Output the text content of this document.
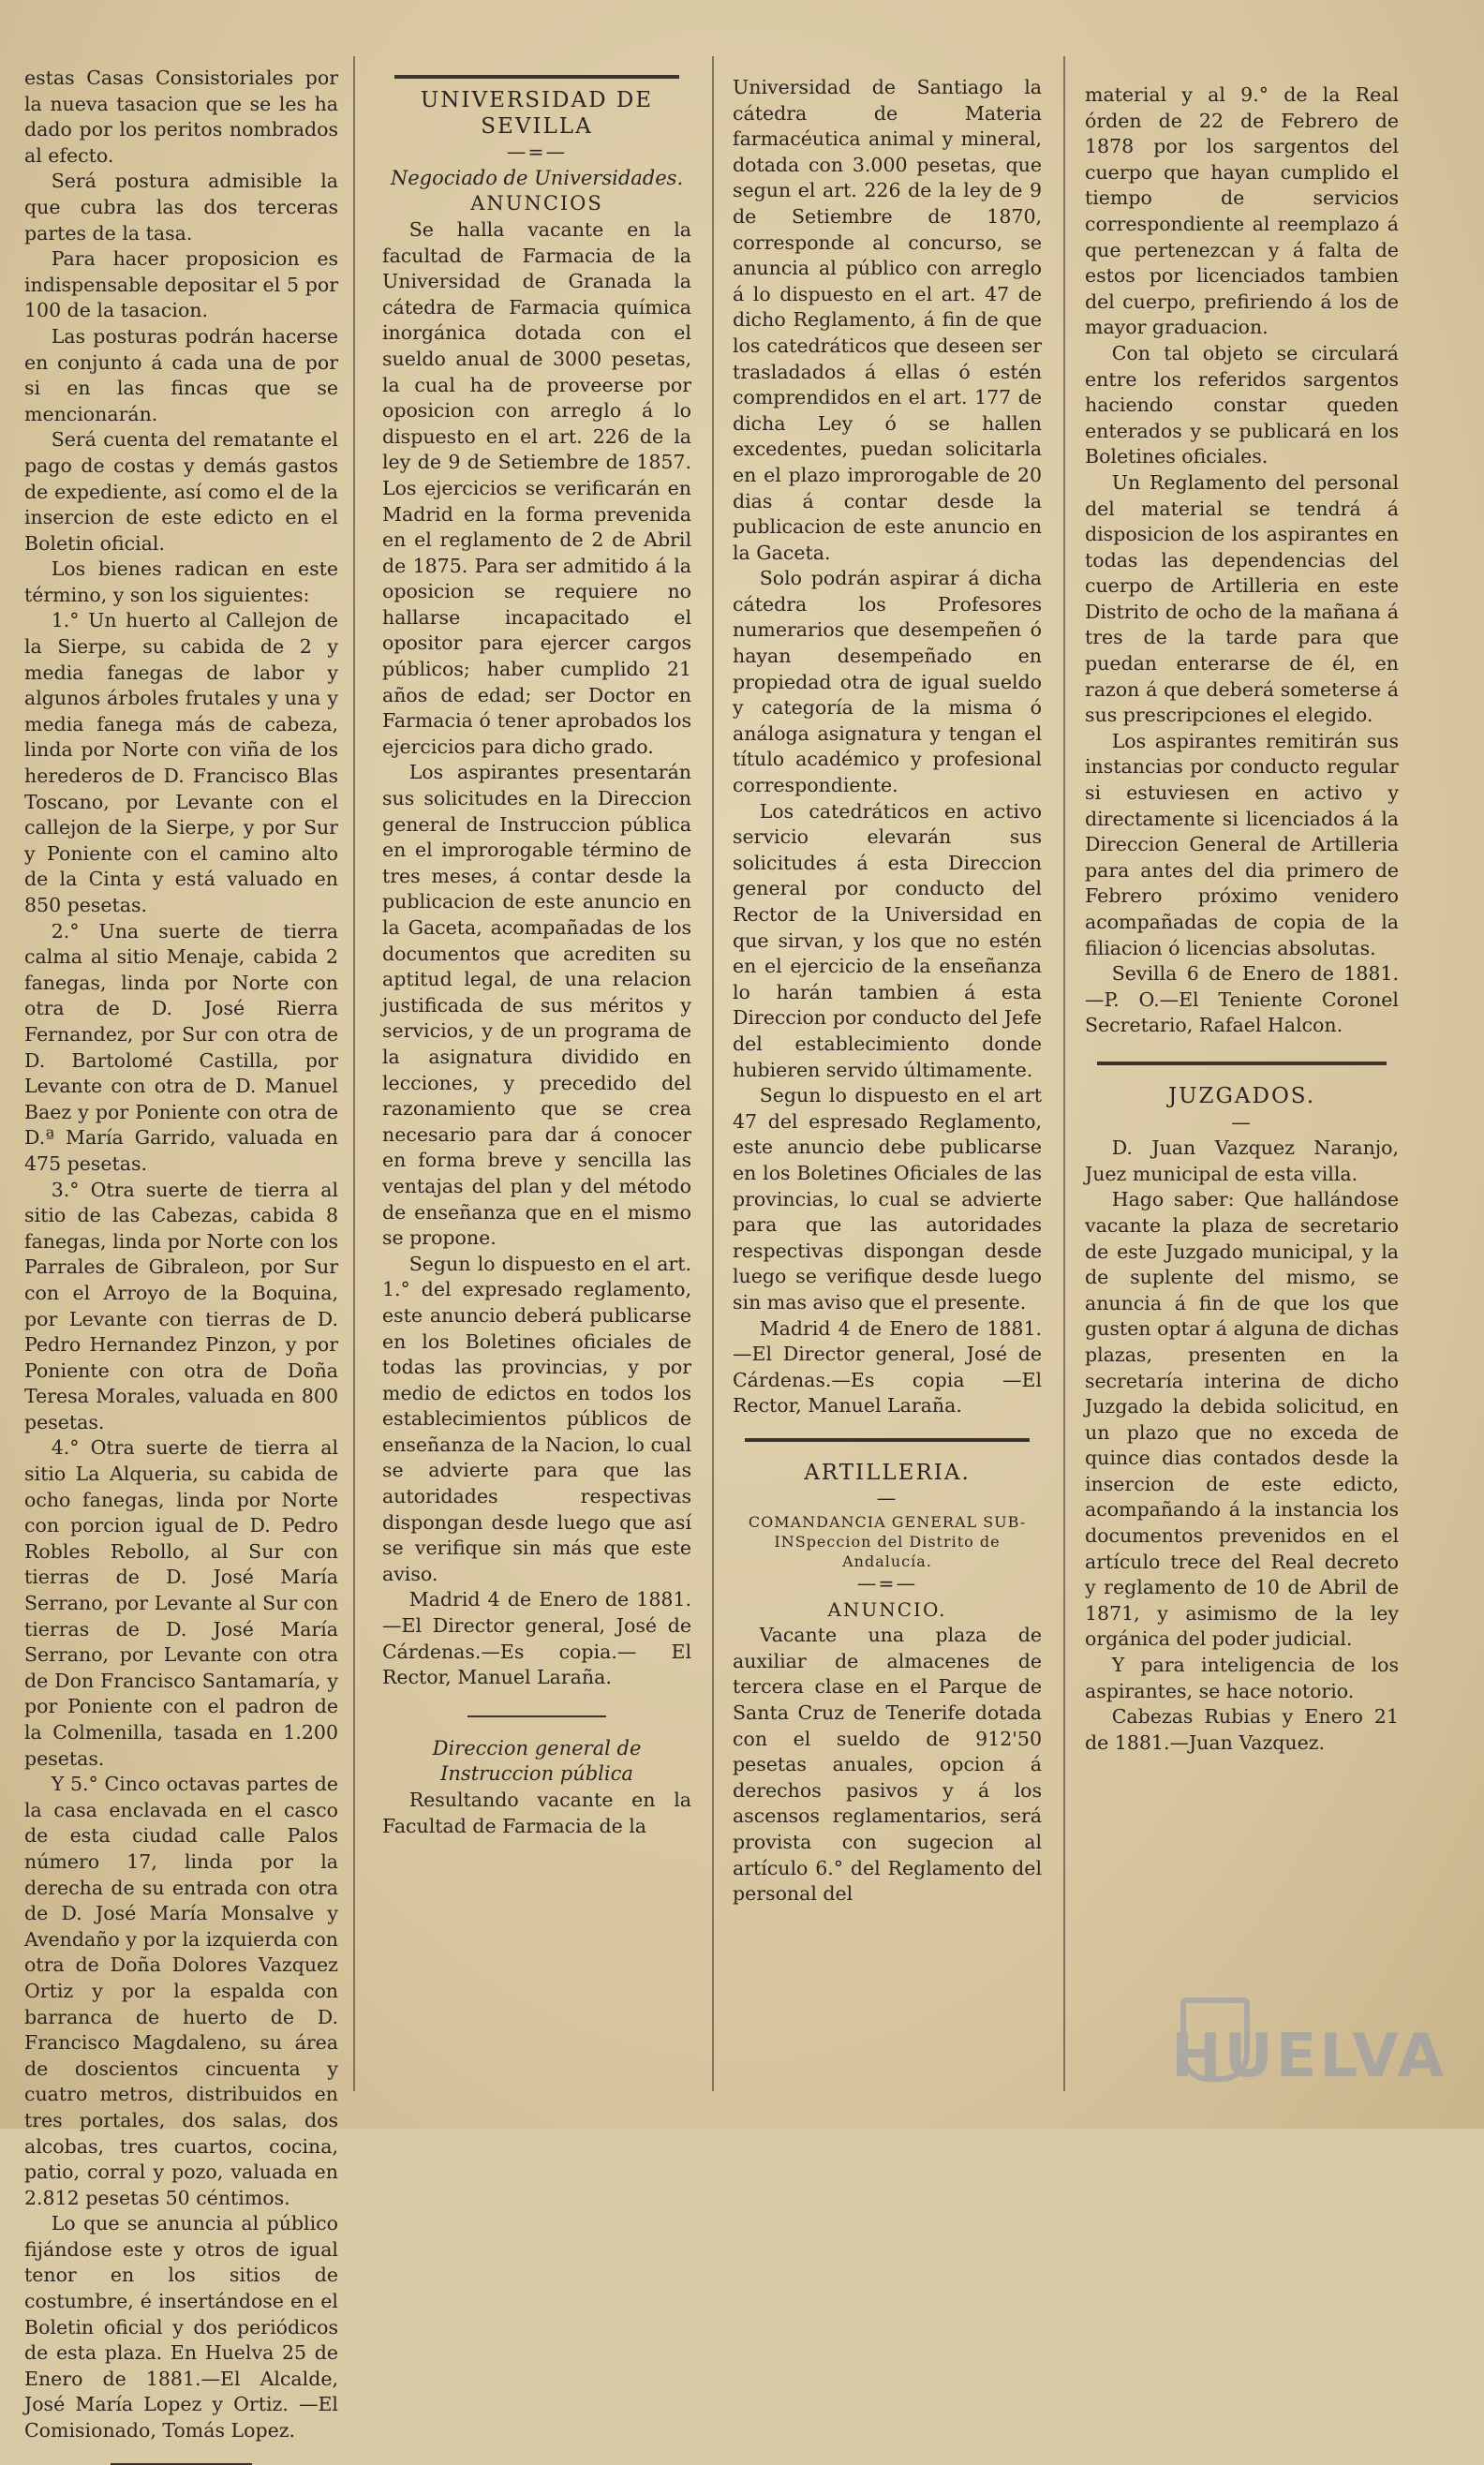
estas Casas Consistoriales por la nueva tasacion que se les ha dado por los peritos nombrados al efecto.

Será postura admisible la que cubra las dos terceras partes de la tasa.

Para hacer proposicion es indispensable depositar el 5 por 100 de la tasacion.

Las posturas podrán hacerse en conjunto á cada una de por si en las fincas que se mencionarán.

Será cuenta del rematante el pago de costas y demás gastos de expediente, así como el de la insercion de este edicto en el Boletin oficial.

Los bienes radican en este término, y son los siguientes:

1.° Un huerto al Callejon de la Sierpe, su cabida de 2 y media fanegas de labor y algunos árboles frutales y una y media fanega más de cabeza, linda por Norte con viña de los herederos de D. Francisco Blas Toscano, por Levante con el callejon de la Sierpe, y por Sur y Poniente con el camino alto de la Cinta y está valuado en 850 pesetas.

2.° Una suerte de tierra calma al sitio Menaje, cabida 2 fanegas, linda por Norte con otra de D. José Rierra Fernandez, por Sur con otra de D. Bartolomé Castilla, por Levante con otra de D. Manuel Baez y por Poniente con otra de D.ª María Garrido, valuada en 475 pesetas.

3.° Otra suerte de tierra al sitio de las Cabezas, cabida 8 fanegas, linda por Norte con los Parrales de Gibraleon, por Sur con el Arroyo de la Boquina, por Levante con tierras de D. Pedro Hernandez Pinzon, y por Poniente con otra de Doña Teresa Morales, valuada en 800 pesetas.

4.° Otra suerte de tierra al sitio La Alqueria, su cabida de ocho fanegas, linda por Norte con porcion igual de D. Pedro Robles Rebollo, al Sur con tierras de D. José María Serrano, por Levante al Sur con tierras de D. José María Serrano, por Levante con otra de Don Francisco Santamaría, y por Poniente con el padron de la Colmenilla, tasada en 1.200 pesetas.

Y 5.° Cinco octavas partes de la casa enclavada en el casco de esta ciudad calle Palos número 17, linda por la derecha de su entrada con otra de D. José María Monsalve y Avendaño y por la izquierda con otra de Doña Dolores Vazquez Ortiz y por la espalda con barranca de huerto de D. Francisco Magdaleno, su área de doscientos cincuenta y cuatro metros, distribuidos en tres portales, dos salas, dos alcobas, tres cuartos, cocina, patio, corral y pozo, valuada en 2.812 pesetas 50 céntimos.

Lo que se anuncia al público fijándose este y otros de igual tenor en los sitios de costumbre, é insertándose en el Boletin oficial y dos periódicos de esta plaza. En Huelva 25 de Enero de 1881.—El Alcalde, José María Lopez y Ortiz. —El Comisionado, Tomás Lopez.

UNIVERSIDAD DE SEVILLA

—=—

Negociado de Universidades.

ANUNCIOS

Se halla vacante en la facultad de Farmacia de la Universidad de Granada la cátedra de Farmacia química inorgánica dotada con el sueldo anual de 3000 pesetas, la cual ha de proveerse por oposicion con arreglo á lo dispuesto en el art. 226 de la ley de 9 de Setiembre de 1857. Los ejercicios se verificarán en Madrid en la forma prevenida en el reglamento de 2 de Abril de 1875. Para ser admitido á la oposicion se requiere no hallarse incapacitado el opositor para ejercer cargos públicos; haber cumplido 21 años de edad; ser Doctor en Farmacia ó tener aprobados los ejercicios para dicho grado.

Los aspirantes presentarán sus solicitudes en la Direccion general de Instruccion pública en el improrogable término de tres meses, á contar desde la publicacion de este anuncio en la Gaceta, acompañadas de los documentos que acrediten su aptitud legal, de una relacion justificada de sus méritos y servicios, y de un programa de la asignatura dividido en lecciones, y precedido del razonamiento que se crea necesario para dar á conocer en forma breve y sencilla las ventajas del plan y del método de enseñanza que en el mismo se propone.

Segun lo dispuesto en el art. 1.° del expresado reglamento, este anuncio deberá publicarse en los Boletines oficiales de todas las provincias, y por medio de edictos en todos los establecimientos públicos de enseñanza de la Nacion, lo cual se advierte para que las autoridades respectivas dispongan desde luego que así se verifique sin más que este aviso.

Madrid 4 de Enero de 1881. —El Director general, José de Cárdenas.—Es copia.— El Rector, Manuel Laraña.

Direccion general de Instruccion pública

Resultando vacante en la Facultad de Farmacia de la

Universidad de Santiago la cátedra de Materia farmacéutica animal y mineral, dotada con 3.000 pesetas, que segun el art. 226 de la ley de 9 de Setiembre de 1870, corresponde al concurso, se anuncia al público con arreglo á lo dispuesto en el art. 47 de dicho Reglamento, á fin de que los catedráticos que deseen ser trasladados á ellas ó estén comprendidos en el art. 177 de dicha Ley ó se hallen excedentes, puedan solicitarla en el plazo improrogable de 20 dias á contar desde la publicacion de este anuncio en la Gaceta.

Solo podrán aspirar á dicha cátedra los Profesores numerarios que desempeñen ó hayan desempeñado en propiedad otra de igual sueldo y categoría de la misma ó análoga asignatura y tengan el título académico y profesional correspondiente.

Los catedráticos en activo servicio elevarán sus solicitudes á esta Direccion general por conducto del Rector de la Universidad en que sirvan, y los que no estén en el ejercicio de la enseñanza lo harán tambien á esta Direccion por conducto del Jefe del establecimiento donde hubieren servido últimamente.

Segun lo dispuesto en el art 47 del espresado Reglamento, este anuncio debe publicarse en los Boletines Oficiales de las provincias, lo cual se advierte para que las autoridades respectivas dispongan desde luego se verifique desde luego sin mas aviso que el presente.

Madrid 4 de Enero de 1881.—El Director general, José de Cárdenas.—Es copia —El Rector, Manuel Laraña.

ARTILLERIA.

—

COMANDANCIA GENERAL SUB-INSpeccion del Distrito de Andalucía.

—=—

ANUNCIO.

Vacante una plaza de auxiliar de almacenes de tercera clase en el Parque de Santa Cruz de Tenerife dotada con el sueldo de 912'50 pesetas anuales, opcion á derechos pasivos y á los ascensos reglamentarios, será provista con sugecion al artículo 6.° del Reglamento del personal del

material y al 9.° de la Real órden de 22 de Febrero de 1878 por los sargentos del cuerpo que hayan cumplido el tiempo de servicios correspondiente al reemplazo á que pertenezcan y á falta de estos por licenciados tambien del cuerpo, prefiriendo á los de mayor graduacion.

Con tal objeto se circulará entre los referidos sargentos haciendo constar queden enterados y se publicará en los Boletines oficiales.

Un Reglamento del personal del material se tendrá á disposicion de los aspirantes en todas las dependencias del cuerpo de Artilleria en este Distrito de ocho de la mañana á tres de la tarde para que puedan enterarse de él, en razon á que deberá someterse á sus prescripciones el elegido.

Los aspirantes remitirán sus instancias por conducto regular si estuviesen en activo y directamente si licenciados á la Direccion General de Artilleria para antes del dia primero de Febrero próximo venidero acompañadas de copia de la filiacion ó licencias absolutas.

Sevilla 6 de Enero de 1881.—P. O.—El Teniente Coronel Secretario, Rafael Halcon.

JUZGADOS.

—

D. Juan Vazquez Naranjo, Juez municipal de esta villa.

Hago saber: Que hallándose vacante la plaza de secretario de este Juzgado municipal, y la de suplente del mismo, se anuncia á fin de que los que gusten optar á alguna de dichas plazas, presenten en la secretaría interina de dicho Juzgado la debida solicitud, en un plazo que no exceda de quince dias contados desde la insercion de este edicto, acompañando á la instancia los documentos prevenidos en el artículo trece del Real decreto y reglamento de 10 de Abril de 1871, y asimismo de la ley orgánica del poder judicial.

Y para inteligencia de los aspirantes, se hace notorio.

Cabezas Rubias y Enero 21 de 1881.—Juan Vazquez.

HUELVA
